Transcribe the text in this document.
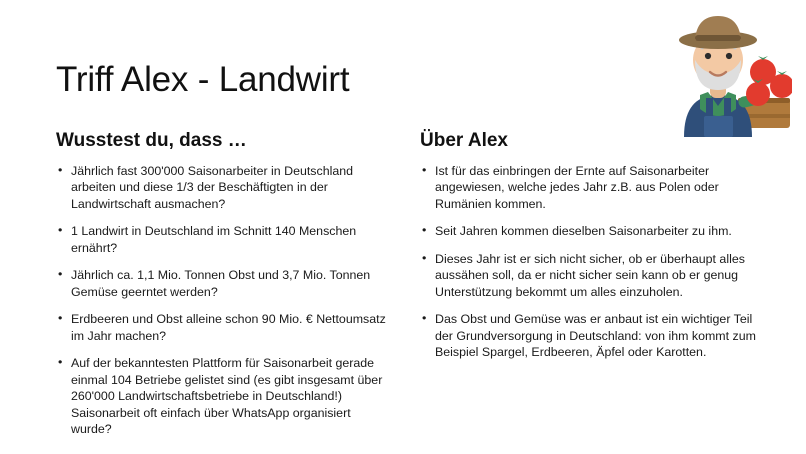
Triff Alex - Landwirt
Wusstest du, dass …
• Jährlich fast 300'000 Saisonarbeiter in Deutschland arbeiten und diese 1/3 der Beschäftigten in der Landwirtschaft ausmachen?
• 1 Landwirt in Deutschland im Schnitt 140 Menschen ernährt?
• Jährlich ca. 1,1 Mio. Tonnen Obst und 3,7 Mio. Tonnen Gemüse geerntet werden?
• Erdbeeren und Obst alleine schon 90 Mio. € Nettoumsatz im Jahr machen?
• Auf der bekanntesten Plattform für Saisonarbeit gerade einmal 104 Betriebe gelistet sind (es gibt insgesamt über 260'000 Landwirtschaftsbetriebe in Deutschland!) Saisonarbeit oft einfach über WhatsApp organisiert wurde?
Über Alex
• Ist für das einbringen der Ernte auf Saisonarbeiter angewiesen, welche jedes Jahr z.B. aus Polen oder Rumänien kommen.
• Seit Jahren kommen dieselben Saisonarbeiter zu ihm.
• Dieses Jahr ist er sich nicht sicher, ob er überhaupt alles aussähen soll, da er nicht sicher sein kann ob er genug Unterstützung bekommt um alles einzuholen.
• Das Obst und Gemüse was er anbaut ist ein wichtiger Teil der Grundversorgung in Deutschland: von ihm kommt zum Beispiel Spargel, Erdbeeren, Äpfel oder Karotten.
